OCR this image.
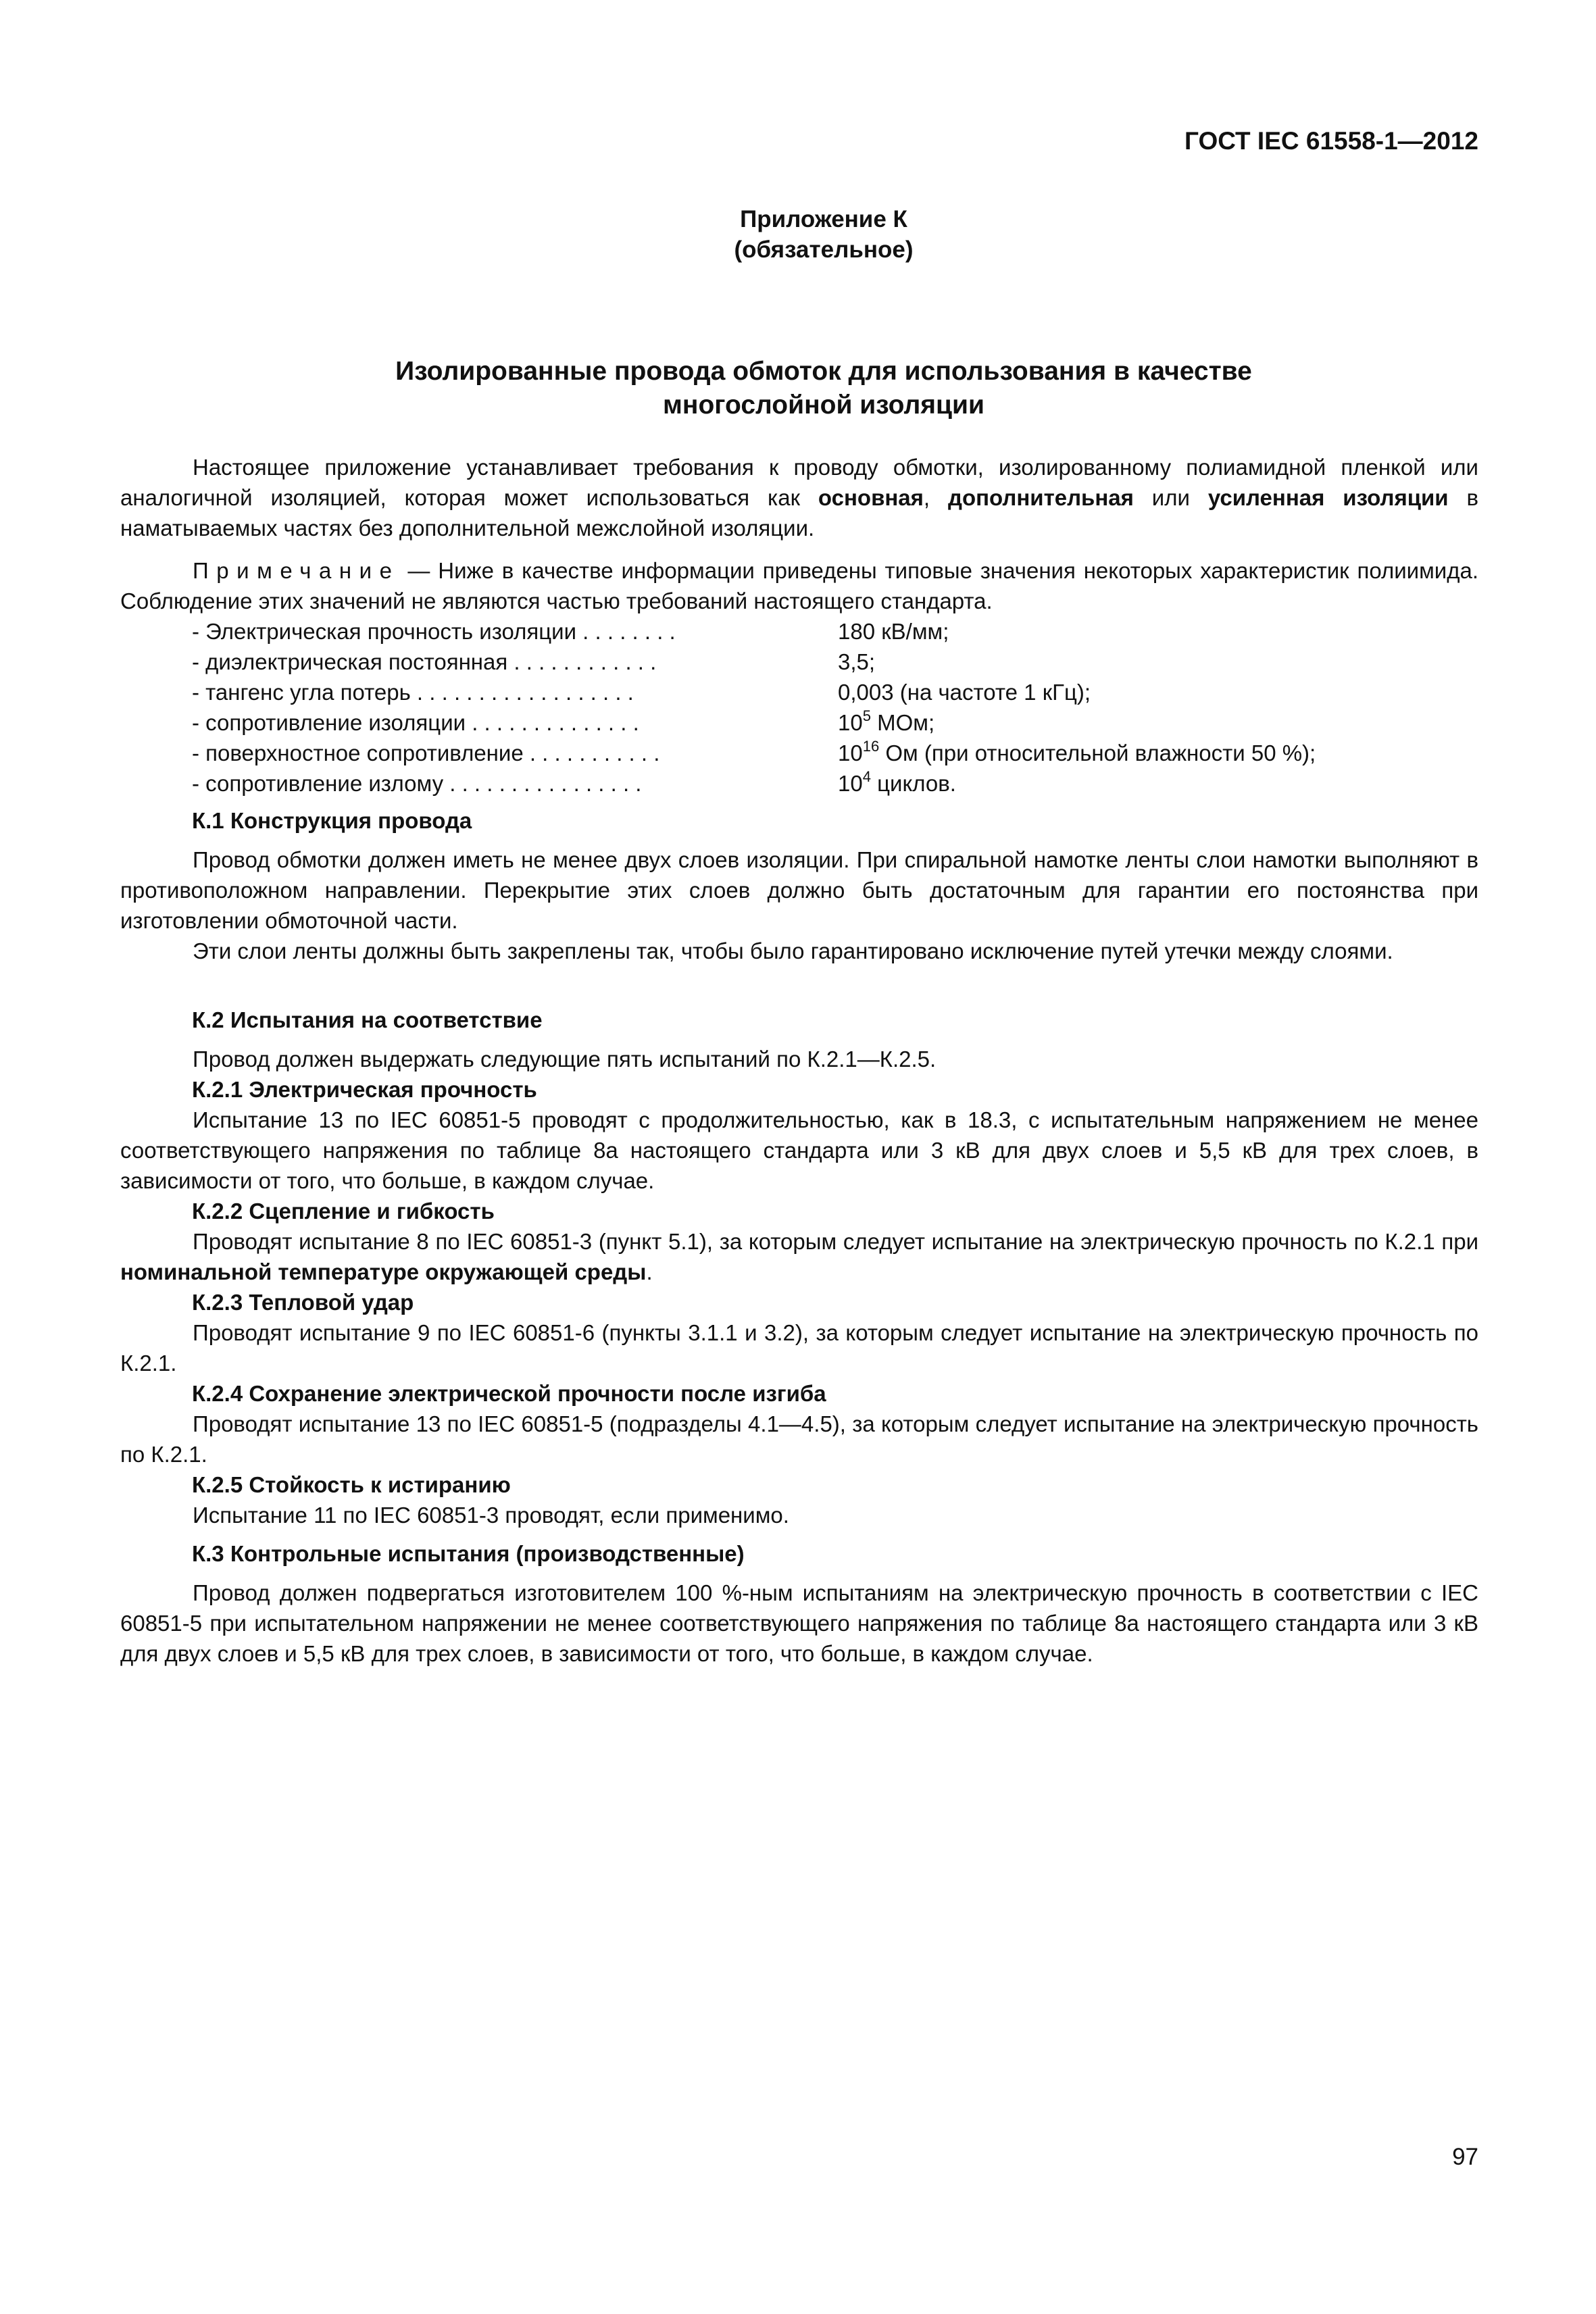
ГОСТ IEC 61558-1—2012
Приложение К
(обязательное)
Изолированные провода обмоток для использования в качестве
многослойной изоляции

Настоящее приложение устанавливает требования к проводу обмотки, изолированному полиамидной пленкой или аналогичной изоляцией, которая может использоваться как основная, дополнительная или усиленная изоляции в наматываемых частях без дополнительной межслойной изоляции.

Примечание — Ниже в качестве информации приведены типовые значения некоторых характеристик полиимида. Соблюдение этих значений не являются частью требований настоящего стандарта.

- Электрическая прочность изоляции . . . . . . . .	180 кВ/мм;
- диэлектрическая постоянная . . . . . . . . . . . .	3,5;
- тангенс угла потерь . . . . . . . . . . . . . . . . . .	0,003 (на частоте 1 кГц);
- сопротивление изоляции . . . . . . . . . . . . . .	$10^5$ МОм;
- поверхностное сопротивление . . . . . . . . . . .	$10^{16}$ Ом (при относительной влажности 50 %);
- сопротивление излому . . . . . . . . . . . . . . . .	$10^4$ циклов.
К.1 Конструкция провода

Провод обмотки должен иметь не менее двух слоев изоляции. При спиральной намотке ленты слои намотки выполняют в противоположном направлении. Перекрытие этих слоев должно быть достаточным для гарантии его постоянства при изготовлении обмоточной части.

Эти слои ленты должны быть закреплены так, чтобы было гарантировано исключение путей утечки между слоями.

К.2 Испытания на соответствие

Провод должен выдержать следующие пять испытаний по К.2.1—К.2.5.

К.2.1 Электрическая прочность

Испытание 13 по IEC 60851-5 проводят с продолжительностью, как в 18.3, с испытательным напряжением не менее соответствующего напряжения по таблице 8а настоящего стандарта или 3 кВ для двух слоев и 5,5 кВ для трех слоев, в зависимости от того, что больше, в каждом случае.

К.2.2 Сцепление и гибкость

Проводят испытание 8 по IEC 60851-3 (пункт 5.1), за которым следует испытание на электрическую прочность по К.2.1 при номинальной температуре окружающей среды.

К.2.3 Тепловой удар

Проводят испытание 9 по IEC 60851-6 (пункты 3.1.1 и 3.2), за которым следует испытание на электрическую прочность по К.2.1.

К.2.4 Сохранение электрической прочности после изгиба

Проводят испытание 13 по IEC 60851-5 (подразделы 4.1—4.5), за которым следует испытание на электрическую прочность по К.2.1.

К.2.5 Стойкость к истиранию

Испытание 11 по IEC 60851-3 проводят, если применимо.

К.3 Контрольные испытания (производственные)

Провод должен подвергаться изготовителем 100 %-ным испытаниям на электрическую прочность в соответствии с IEC 60851-5 при испытательном напряжении не менее соответствующего напряжения по таблице 8а настоящего стандарта или 3 кВ для двух слоев и 5,5 кВ для трех слоев, в зависимости от того, что больше, в каждом случае.

97
